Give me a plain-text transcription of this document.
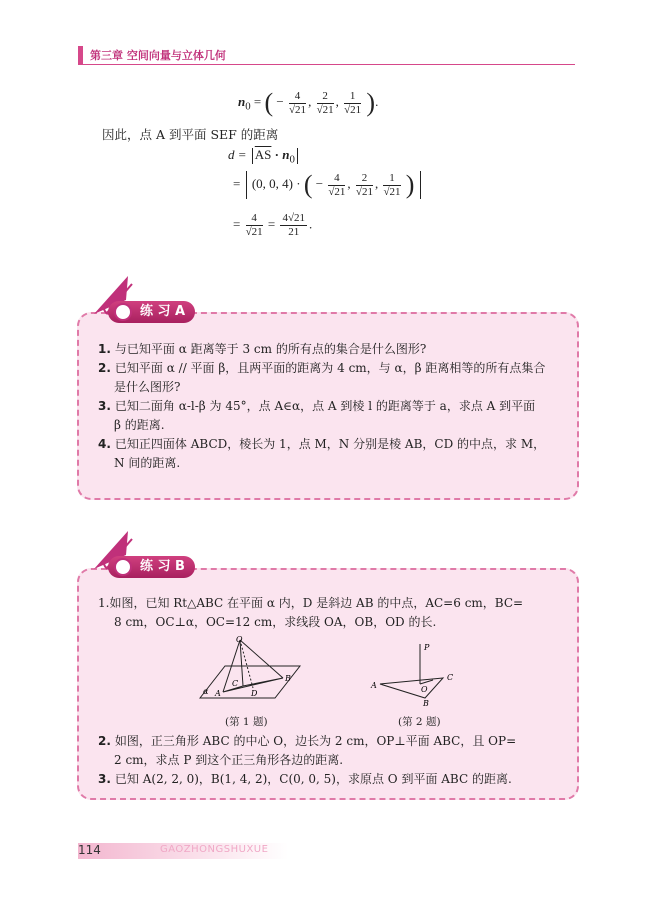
第三章 空间向量与立体几何
$n_0$ = ( − $\frac{4}{√21}$ , $\frac{2}{√21}$ , $\frac{1}{√21}$ ).
因此，点 A 到平面 SEF 的距离
$d = \overline{AS} \cdot n_0$
= (0, 0, 4) · ( − $\frac{4}{√21}$ , $\frac{2}{√21}$ , $\frac{1}{√21}$ )
= $\frac{4}{√21} = \frac{4√21}{21}$ .
练 习 A
1. 与已知平面 α 距离等于 3 cm 的所有点的集合是什么图形?
2. 已知平面 α // 平面 β，且两平面的距离为 4 cm，与 α，β 距离相等的所有点集合
是什么图形?
3. 已知二面角 α-l-β 为 45°，点 A∈α，点 A 到棱 l 的距离等于 a，求点 A 到平面
β 的距离.
4. 已知正四面体 ABCD，棱长为 1，点 M，N 分别是棱 AB，CD 的中点，求 M，
N 间的距离.
练 习 B
1.如图，已知 Rt△ABC 在平面 α 内，D 是斜边 AB 的中点，AC=6 cm，BC=
8 cm，OC⊥α，OC=12 cm，求线段 OA，OB，OD 的长.
O
C
A
B
D
α
(第 1 题)
P
A
C
B
O
(第 2 题)
2. 如图，正三角形 ABC 的中心 O，边长为 2 cm，OP⊥平面 ABC，且 OP=
2 cm，求点 P 到这个正三角形各边的距离.
3. 已知 A(2, 2, 0)，B(1, 4, 2)，C(0, 0, 5)，求原点 O 到平面 ABC 的距离.
114	GAOZHONGSHUXUE
